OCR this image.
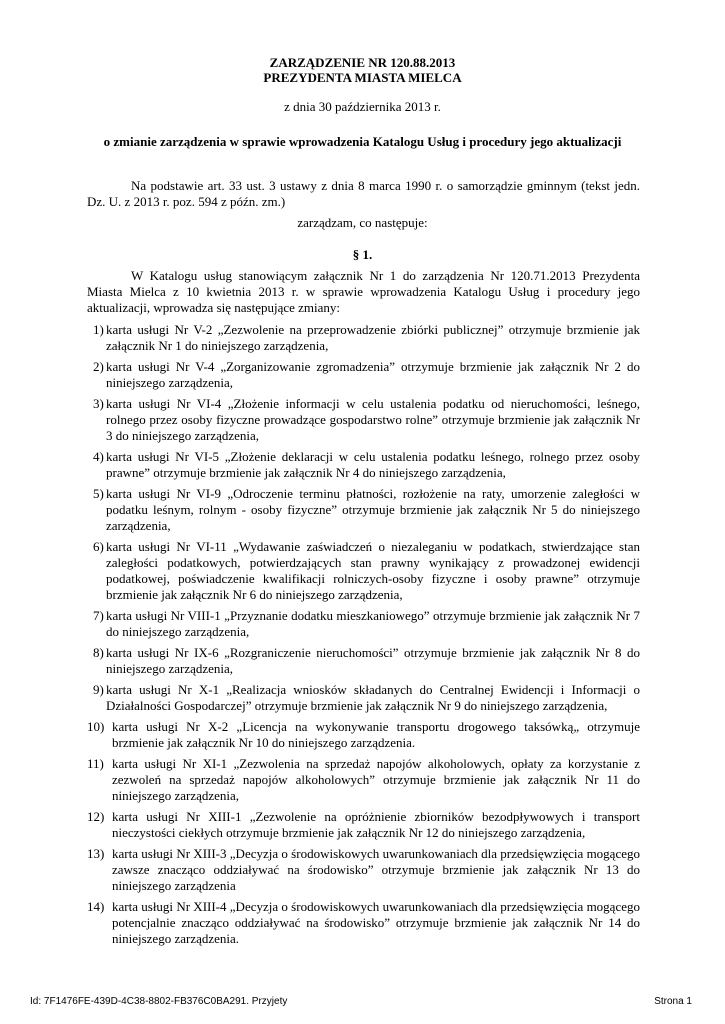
ZARZĄDZENIE NR 120.88.2013
PREZYDENTA MIASTA MIELCA
z dnia 30 października 2013 r.
o zmianie zarządzenia w sprawie wprowadzenia Katalogu Usług i procedury jego aktualizacji
Na podstawie art. 33 ust. 3 ustawy z dnia 8 marca 1990 r. o samorządzie gminnym (tekst jedn. Dz. U. z 2013 r. poz. 594 z późn. zm.)
zarządzam, co następuje:
§ 1.
W Katalogu usług stanowiącym załącznik Nr 1 do zarządzenia Nr 120.71.2013 Prezydenta Miasta Mielca z 10 kwietnia 2013 r. w sprawie wprowadzenia Katalogu Usług i procedury jego aktualizacji, wprowadza się następujące zmiany:
1) karta usługi Nr V-2 „Zezwolenie na przeprowadzenie zbiórki publicznej” otrzymuje brzmienie jak załącznik Nr 1 do niniejszego zarządzenia,
2) karta usługi Nr V-4 „Zorganizowanie zgromadzenia” otrzymuje brzmienie jak załącznik Nr 2 do niniejszego zarządzenia,
3) karta usługi Nr VI-4 „Złożenie informacji w celu ustalenia podatku od nieruchomości, leśnego, rolnego przez osoby fizyczne prowadzące gospodarstwo rolne” otrzymuje brzmienie jak załącznik Nr 3 do niniejszego zarządzenia,
4) karta usługi Nr VI-5 „Złożenie deklaracji w celu ustalenia podatku leśnego, rolnego przez osoby prawne” otrzymuje brzmienie jak załącznik Nr 4 do niniejszego zarządzenia,
5) karta usługi Nr VI-9 „Odroczenie terminu płatności, rozłożenie na raty, umorzenie zaległości w podatku leśnym, rolnym - osoby fizyczne” otrzymuje brzmienie jak załącznik Nr 5 do niniejszego zarządzenia,
6) karta usługi Nr VI-11 „Wydawanie zaświadczeń o niezaleganiu w podatkach, stwierdzające stan zaległości podatkowych, potwierdzających stan prawny wynikający z prowadzonej ewidencji podatkowej, poświadczenie kwalifikacji rolniczych-osoby fizyczne i osoby prawne” otrzymuje brzmienie jak załącznik Nr 6 do niniejszego zarządzenia,
7) karta usługi Nr VIII-1 „Przyznanie dodatku mieszkaniowego” otrzymuje brzmienie jak załącznik Nr 7 do niniejszego zarządzenia,
8) karta usługi Nr IX-6 „Rozgraniczenie nieruchomości” otrzymuje brzmienie jak załącznik Nr 8 do niniejszego zarządzenia,
9) karta usługi Nr X-1 „Realizacja wniosków składanych do Centralnej Ewidencji i Informacji o Działalności Gospodarczej” otrzymuje brzmienie jak załącznik Nr 9 do niniejszego zarządzenia,
10) karta usługi Nr X-2 „Licencja na wykonywanie transportu drogowego taksówką„ otrzymuje brzmienie jak załącznik Nr 10 do niniejszego zarządzenia.
11) karta usługi Nr XI-1 „Zezwolenia na sprzedaż napojów alkoholowych, opłaty za korzystanie z zezwoleń na sprzedaż napojów alkoholowych” otrzymuje brzmienie jak załącznik Nr 11 do niniejszego zarządzenia,
12) karta usługi Nr XIII-1 „Zezwolenie na opróżnienie zbiorników bezodpływowych i transport nieczystości ciekłych otrzymuje brzmienie jak załącznik Nr 12 do niniejszego zarządzenia,
13) karta usługi Nr XIII-3 „Decyzja o środowiskowych uwarunkowaniach dla przedsięwzięcia mogącego zawsze znacząco oddziaływać na środowisko” otrzymuje brzmienie jak załącznik Nr 13 do niniejszego zarządzenia
14) karta usługi Nr XIII-4 „Decyzja o środowiskowych uwarunkowaniach dla przedsięwzięcia mogącego potencjalnie znacząco oddziaływać na środowisko” otrzymuje brzmienie jak załącznik Nr 14 do niniejszego zarządzenia.
Id: 7F1476FE-439D-4C38-8802-FB376C0BA291. Przyjety	Strona 1
